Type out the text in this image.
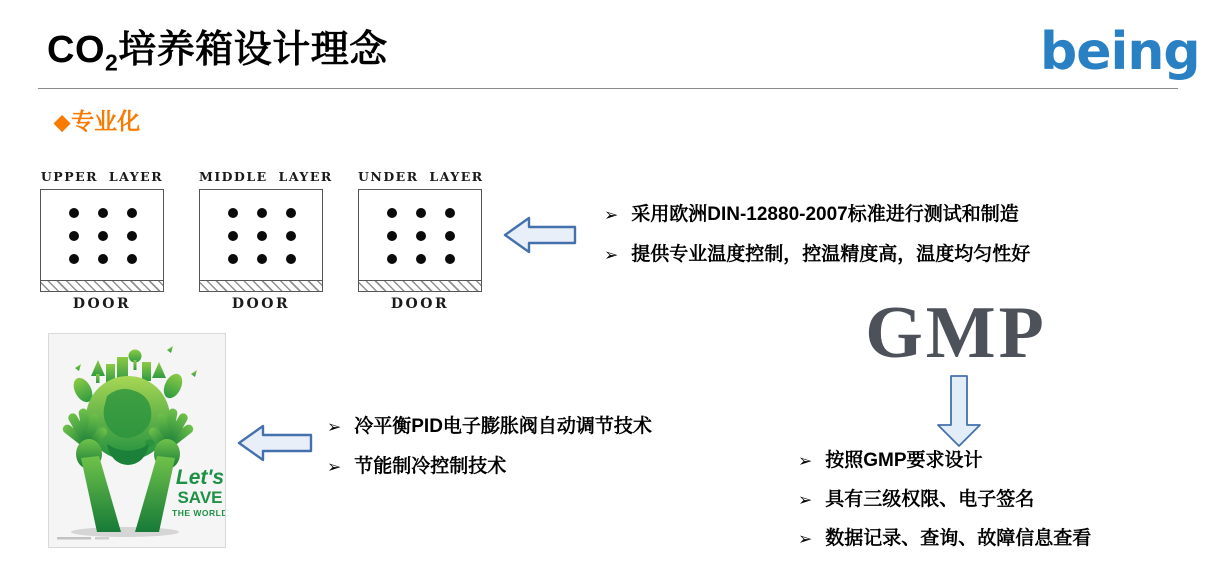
$CO_2$培养箱设计理念	being
◆专业化
UPPER LAYER
DOOR
MIDDLE LAYER
DOOR
UNDER LAYER
DOOR
➢ 采用欧洲DIN-12880-2007标准进行测试和制造
➢ 提供专业温度控制，控温精度高，温度均匀性好
➢ 冷平衡PID电子膨胀阀自动调节技术
➢ 节能制冷控制技术
GMP
➢ 按照GMP要求设计
➢ 具有三级权限、电子签名
➢ 数据记录、查询、故障信息查看
Let's
SAVE
THE WORLD
